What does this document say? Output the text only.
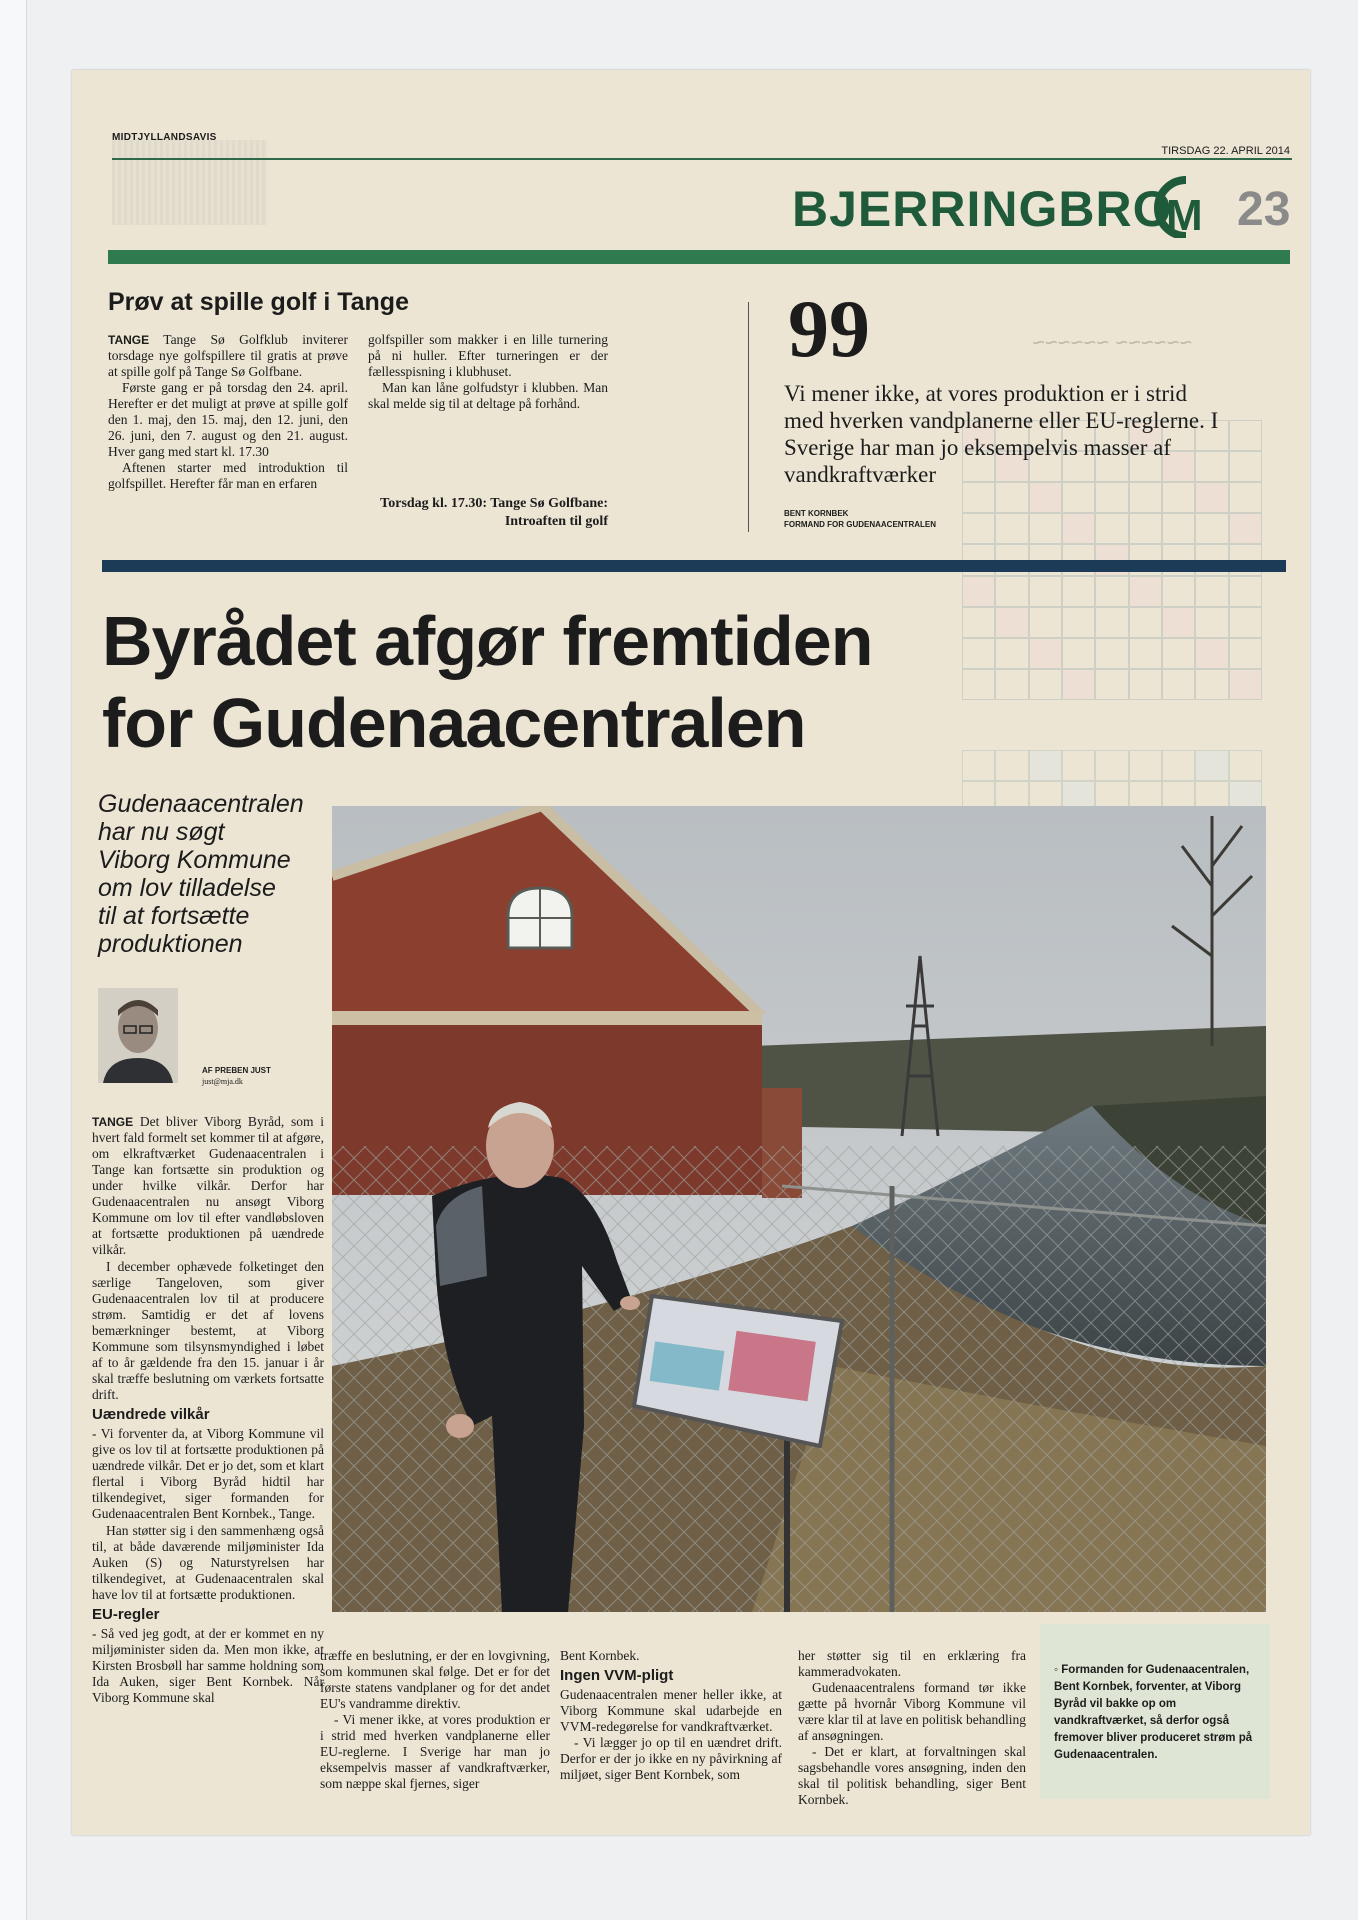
MIDTJYLLANDSAVIS
TIRSDAG 22. APRIL 2014
BJERRINGBRO
M 23
Prøv at spille golf i Tange

TANGE Tange Sø Golfklub inviterer torsdage nye golfspillere til gratis at prøve at spille golf på Tange Sø Golfbane.

Første gang er på torsdag den 24. april. Herefter er det muligt at prøve at spille golf den 1. maj, den 15. maj, den 12. juni, den 26. juni, den 7. august og den 21. august. Hver gang med start kl. 17.30

Aftenen starter med introduktion til golfspillet. Herefter får man en erfaren

golfspiller som makker i en lille turnering på ni huller. Efter turneringen er der fællesspisning i klubhuset.

Man kan låne golfudstyr i klubben. Man skal melde sig til at deltage på forhånd.

Torsdag kl. 17.30: Tange Sø Golfbane: Introaften til golf
~~~~~~ ~~~~~~
99
Vi mener ikke, at vores produktion er i strid med hverken vandplanerne eller EU-reglerne. I Sverige har man jo eksempelvis masser af vandkraftværker
BENT KORNBEK
FORMAND FOR GUDENAACENTRALEN
Byrådet afgør fremtiden
for Gudenaacentralen
Gudenaacentralen har nu søgt Viborg Kommune om lov tilladelse til at fortsætte produktionen
AF PREBEN JUST
just@mja.dk

TANGE Det bliver Viborg Byråd, som i hvert fald formelt set kommer til at afgøre, om elkraftværket Gudenaacentralen i Tange kan fortsætte sin produktion og under hvilke vilkår. Derfor har Gudenaacentralen nu ansøgt Viborg Kommune om lov til efter vandløbsloven at fortsætte produktionen på uændrede vilkår.

I december ophævede folketinget den særlige Tangeloven, som giver Gudenaacentralen lov til at producere strøm. Samtidig er det af lovens bemærkninger bestemt, at Viborg Kommune som tilsynsmyndighed i løbet af to år gældende fra den 15. januar i år skal træffe beslutning om værkets fortsatte drift.

Uændrede vilkår

- Vi forventer da, at Viborg Kommune vil give os lov til at fortsætte produktionen på uændrede vilkår. Det er jo det, som et klart flertal i Viborg Byråd hidtil har tilkendegivet, siger formanden for Gudenaacentralen Bent Kornbek., Tange.

Han støtter sig i den sammenhæng også til, at både daværende miljøminister Ida Auken (S) og Naturstyrelsen har tilkendegivet, at Gudenaacentralen skal have lov til at fortsætte produktionen.

EU-regler

- Så ved jeg godt, at der er kommet en ny miljøminister siden da. Men mon ikke, at Kirsten Brosbøll har samme holdning som Ida Auken, siger Bent Kornbek. Når Viborg Kommune skal

træffe en beslutning, er der en lovgivning, som kommunen skal følge. Det er for det første statens vandplaner og for det andet EU's vandramme direktiv.

- Vi mener ikke, at vores produktion er i strid med hverken vandplanerne eller EU-reglerne. I Sverige har man jo eksempelvis masser af vandkraftværker, som næppe skal fjernes, siger

Bent Kornbek.

Ingen VVM-pligt

Gudenaacentralen mener heller ikke, at Viborg Kommune skal udarbejde en VVM-redegørelse for vandkraftværket.

- Vi lægger jo op til en uændret drift. Derfor er der jo ikke en ny påvirkning af miljøet, siger Bent Kornbek, som

her støtter sig til en erklæring fra kammeradvokaten.

Gudenaacentralens formand tør ikke gætte på hvornår Viborg Kommune vil være klar til at lave en politisk behandling af ansøgningen.

- Det er klart, at forvaltningen skal sagsbehandle vores ansøgning, inden den skal til politisk behandling, siger Bent Kornbek.

◦ Formanden for Gudenaacentralen, Bent Kornbek, forventer, at Viborg Byråd vil bakke op om vandkraftværket, så derfor også fremover bliver produceret strøm på Gudenaacentralen.
